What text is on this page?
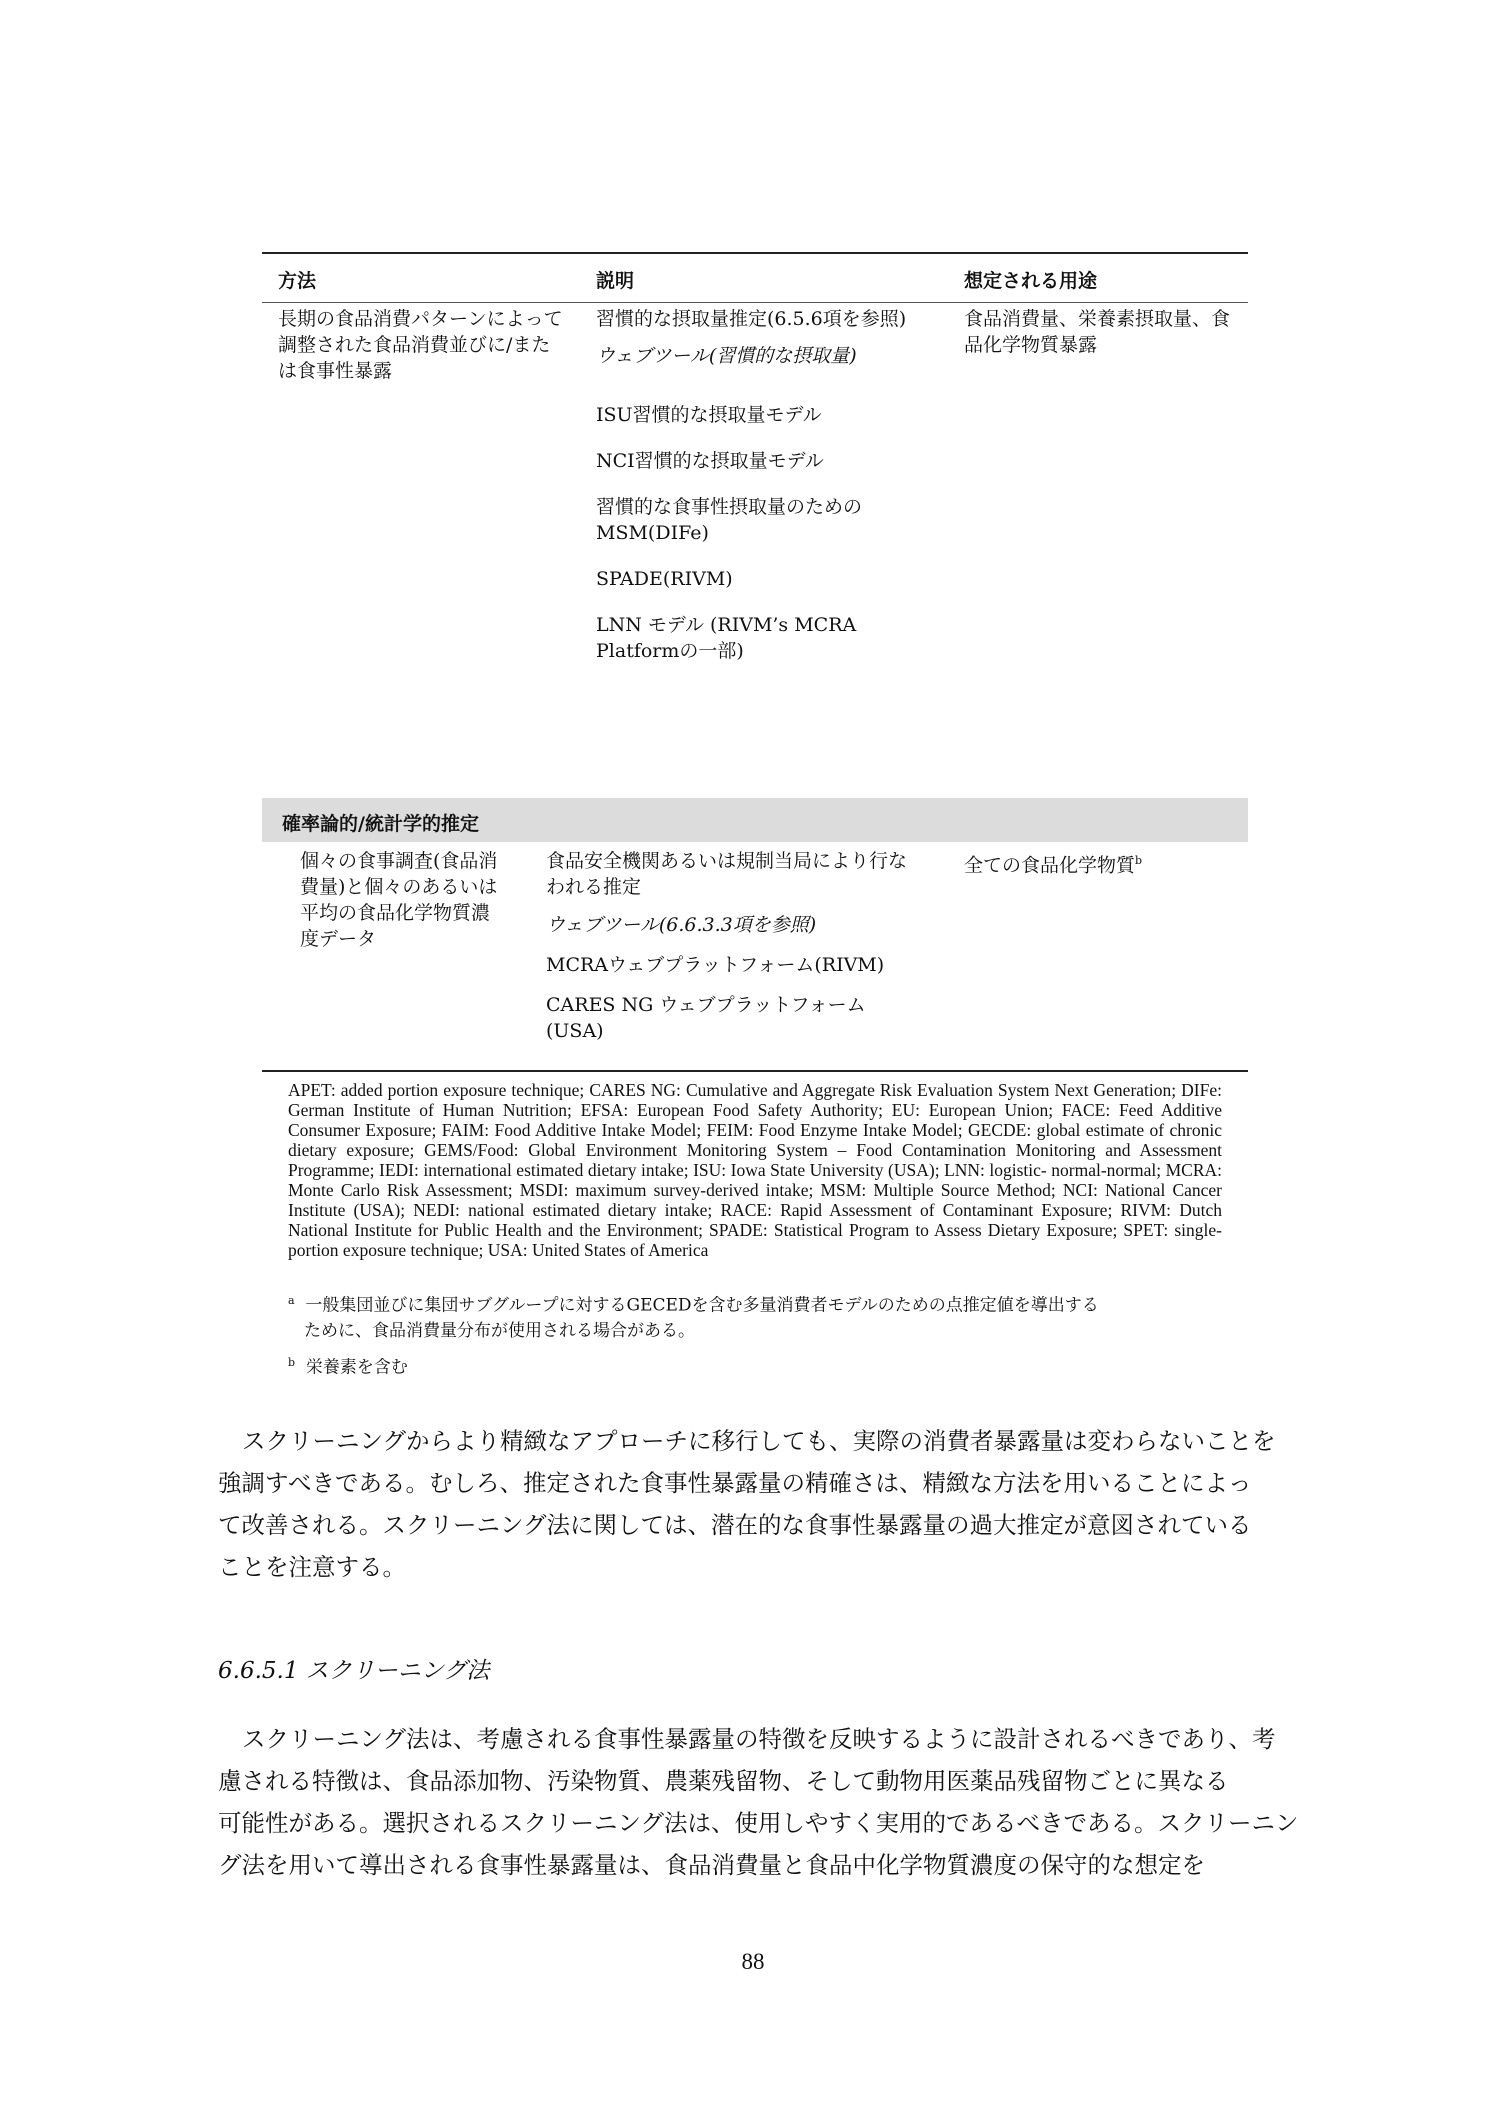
方法	説明	想定される用途
長期の食品消費パターンによって調整された食品消費並びに/または食事性暴露
習慣的な摂取量推定(6.5.6項を参照)
ウェブツール(習慣的な摂取量)
ISU習慣的な摂取量モデル
NCI習慣的な摂取量モデル
習慣的な食事性摂取量のための
MSM(DIFe)
SPADE(RIVM)
LNN モデル (RIVM’s MCRA
Platformの一部)
食品消費量、栄養素摂取量、食品化学物質暴露
確率論的/統計学的推定
個々の食事調査(食品消費量)と個々のあるいは平均の食品化学物質濃度データ
食品安全機関あるいは規制当局により行なわれる推定
ウェブツール(6.6.3.3項を参照)
MCRAウェブプラットフォーム(RIVM)
CARES NG ウェブプラットフォーム (USA)
全ての食品化学物質$^b$
APET: added portion exposure technique; CARES NG: Cumulative and Aggregate Risk Evaluation System Next Generation; DIFe: German Institute of Human Nutrition; EFSA: European Food Safety Authority; EU: European Union; FACE: Feed Additive Consumer Exposure; FAIM: Food Additive Intake Model; FEIM: Food Enzyme Intake Model; GECDE: global estimate of chronic dietary exposure; GEMS/Food: Global Environment Monitoring System – Food Contamination Monitoring and Assessment Programme; IEDI: international estimated dietary intake; ISU: Iowa State University (USA); LNN: logistic- normal-normal; MCRA: Monte Carlo Risk Assessment; MSDI: maximum survey-derived intake; MSM: Multiple Source Method; NCI: National Cancer Institute (USA); NEDI: national estimated dietary intake; RACE: Rapid Assessment of Contaminant Exposure; RIVM: Dutch National Institute for Public Health and the Environment; SPADE: Statistical Program to Assess Dietary Exposure; SPET: single-portion exposure technique; USA: United States of America
$^a$ 一般集団並びに集団サブグループに対するGECEDを含む多量消費者モデルのための点推定値を導出する
ために、食品消費量分布が使用される場合がある。
$^b$ 栄養素を含む
スクリーニングからより精緻なアプローチに移行しても、実際の消費者暴露量は変わらないことを
強調すべきである。むしろ、推定された食事性暴露量の精確さは、精緻な方法を用いることによっ
て改善される。スクリーニング法に関しては、潜在的な食事性暴露量の過大推定が意図されている
ことを注意する。
6.6.5.1 スクリーニング法
スクリーニング法は、考慮される食事性暴露量の特徴を反映するように設計されるべきであり、考
慮される特徴は、食品添加物、汚染物質、農薬残留物、そして動物用医薬品残留物ごとに異なる
可能性がある。選択されるスクリーニング法は、使用しやすく実用的であるべきである。スクリーニン
グ法を用いて導出される食事性暴露量は、食品消費量と食品中化学物質濃度の保守的な想定を
88
